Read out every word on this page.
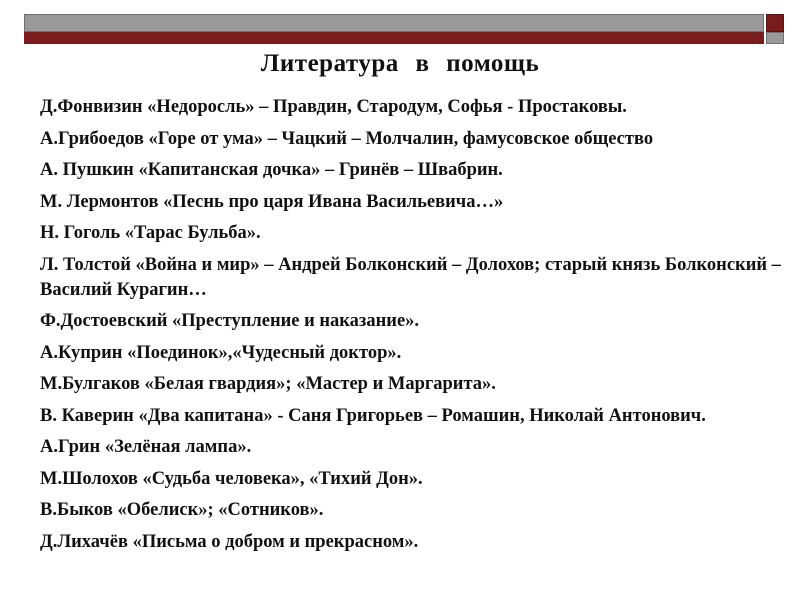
Литература в помощь
Д.Фонвизин «Недоросль» – Правдин, Стародум, Софья - Простаковы.
А.Грибоедов «Горе от ума» – Чацкий – Молчалин, фамусовское общество
А. Пушкин «Капитанская дочка» – Гринёв – Швабрин.
М. Лермонтов «Песнь про царя Ивана Васильевича…»
Н. Гоголь «Тарас Бульба».
Л. Толстой «Война и мир» – Андрей Болконский – Долохов; старый князь Болконский – Василий Курагин…
Ф.Достоевский «Преступление и наказание».
А.Куприн «Поединок»,«Чудесный доктор».
М.Булгаков «Белая гвардия»; «Мастер и Маргарита».
В. Каверин «Два капитана» - Саня Григорьев – Ромашин, Николай Антонович.
А.Грин «Зелёная лампа».
М.Шолохов «Судьба человека», «Тихий Дон».
В.Быков «Обелиск»; «Сотников».
Д.Лихачёв «Письма о добром и прекрасном».
